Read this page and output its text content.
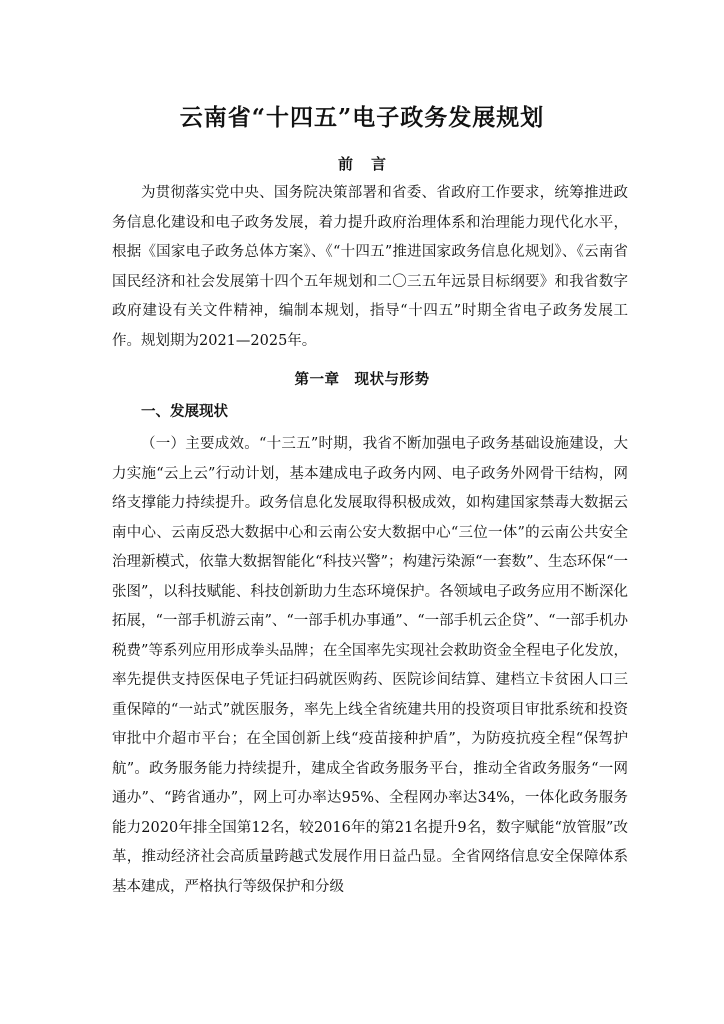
云南省“十四五”电子政务发展规划
前言

为贯彻落实党中央、国务院决策部署和省委、省政府工作要求，统筹推进政务信息化建设和电子政务发展，着力提升政府治理体系和治理能力现代化水平，根据《国家电子政务总体方案》、《“十四五”推进国家政务信息化规划》、《云南省国民经济和社会发展第十四个五年规划和二〇三五年远景目标纲要》和我省数字政府建设有关文件精神，编制本规划，指导“十四五”时期全省电子政务发展工作。规划期为2021—2025年。

第一章　现状与形势
一、发展现状

（一）主要成效。“十三五”时期，我省不断加强电子政务基础设施建设，大力实施“云上云”行动计划，基本建成电子政务内网、电子政务外网骨干结构，网络支撑能力持续提升。政务信息化发展取得积极成效，如构建国家禁毒大数据云南中心、云南反恐大数据中心和云南公安大数据中心“三位一体”的云南公共安全治理新模式，依靠大数据智能化“科技兴警”；构建污染源“一套数”、生态环保“一张图”，以科技赋能、科技创新助力生态环境保护。各领域电子政务应用不断深化拓展，“一部手机游云南”、“一部手机办事通”、“一部手机云企贷”、“一部手机办税费”等系列应用形成拳头品牌；在全国率先实现社会救助资金全程电子化发放，率先提供支持医保电子凭证扫码就医购药、医院诊间结算、建档立卡贫困人口三重保障的“一站式”就医服务，率先上线全省统建共用的投资项目审批系统和投资审批中介超市平台；在全国创新上线“疫苗接种护盾”，为防疫抗疫全程“保驾护航”。政务服务能力持续提升，建成全省政务服务平台，推动全省政务服务“一网通办”、“跨省通办”，网上可办率达95%、全程网办率达34%，一体化政务服务能力2020年排全国第12名，较2016年的第21名提升9名，数字赋能“放管服”改革，推动经济社会高质量跨越式发展作用日益凸显。全省网络信息安全保障体系基本建成，严格执行等级保护和分级
